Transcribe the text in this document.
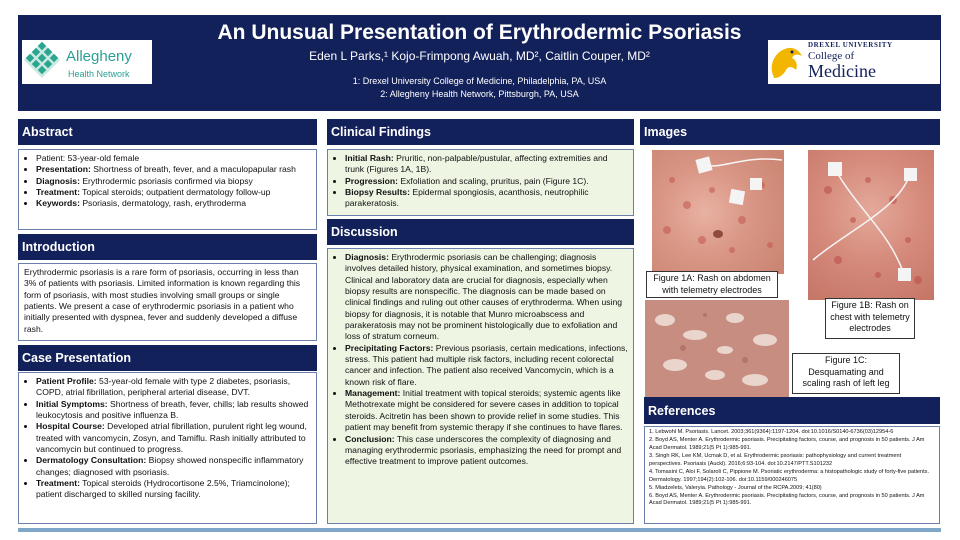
An Unusual Presentation of Erythrodermic Psoriasis
Eden L Parks,¹ Kojo-Frimpong Awuah, MD², Caitlin Couper, MD²
1: Drexel University College of Medicine, Philadelphia, PA, USA
2: Allegheny Health Network, Pittsburgh, PA, USA
Allegheny
Health Network
DREXEL UNIVERSITY
College of
Medicine
Abstract
• Patient: 53-year-old female
• Presentation: Shortness of breath, fever, and a maculopapular rash
• Diagnosis: Erythrodermic psoriasis confirmed via biopsy
• Treatment: Topical steroids; outpatient dermatology follow-up
• Keywords: Psoriasis, dermatology, rash, erythroderma
Introduction
Erythrodermic psoriasis is a rare form of psoriasis, occurring in less than 3% of patients with psoriasis. Limited information is known regarding this form of psoriasis, with most studies involving small groups or single patients. We present a case of erythrodermic psoriasis in a patient who initially presented with dyspnea, fever and suddenly developed a diffuse rash.
Case Presentation
• Patient Profile: 53-year-old female with type 2 diabetes, psoriasis, COPD, atrial fibrillation, peripheral arterial disease, DVT.
• Initial Symptoms: Shortness of breath, fever, chills; lab results showed leukocytosis and positive influenza B.
• Hospital Course: Developed atrial fibrillation, purulent right leg wound, treated with vancomycin, Zosyn, and Tamiflu. Rash initially attributed to vancomycin but continued to progress.
• Dermatology Consultation: Biopsy showed nonspecific inflammatory changes; diagnosed with psoriasis.
• Treatment: Topical steroids (Hydrocortisone 2.5%, Triamcinolone); patient discharged to skilled nursing facility.
Clinical Findings
• Initial Rash: Pruritic, non-palpable/pustular, affecting extremities and trunk (Figures 1A, 1B).
• Progression: Exfoliation and scaling, pruritus, pain (Figure 1C).
• Biopsy Results: Epidermal spongiosis, acanthosis, neutrophilic parakeratosis.
Discussion
• Diagnosis: Erythrodermic psoriasis can be challenging; diagnosis involves detailed history, physical examination, and sometimes biopsy. Clinical and laboratory data are crucial for diagnosis, especially when biopsy results are nonspecific. The diagnosis can be made based on clinical findings and ruling out other causes of erythroderma. When using biopsy for diagnosis, it is notable that Munro microabscess and parakeratosis may not be prominent histologically due to exfoliation and loss of stratum corneum.
• Precipitating Factors: Previous psoriasis, certain medications, infections, stress. This patient had multiple risk factors, including recent colorectal cancer and infection. The patient also received Vancomycin, which is a known risk of flare.
• Management: Initial treatment with topical steroids; systemic agents like Methotrexate might be considered for severe cases in addition to topical steroids. Acitretin has been shown to provide relief in some studies. This patient may benefit from systemic therapy if she continues to have flares.
• Conclusion: This case underscores the complexity of diagnosing and managing erythrodermic psoriasis, emphasizing the need for prompt and effective treatment to improve patient outcomes.
Images
Figure 1A: Rash on abdomen with telemetry electrodes
Figure 1B: Rash on chest with telemetry electrodes
Figure 1C: Desquamating and scaling rash of left leg
References
1. Lebwohl M. Psoriasis. Lancet. 2003;361(9364):1197-1204. doi:10.1016/S0140-6736(03)12954-6
2. Boyd AS, Menter A. Erythrodermic psoriasis. Precipitating factors, course, and prognosis in 50 patients. J Am Acad Dermatol. 1989;21(5 Pt 1):985-991.
3. Singh RK, Lee KM, Ucmak D, et al. Erythrodermic psoriasis: pathophysiology and current treatment perspectives. Psoriasis (Auckl). 2016;6:93-104. doi:10.2147/PTT.S101232
4. Tomasini C, Aloi F, Solaroli C, Pippione M. Psoriatic erythroderma: a histopathologic study of forty-five patients. Dermatology. 1997;194(2):102-106. doi:10.1159/000246075
5. Miadzelets, Valeryia. Pathology - Journal of the RCPA.2009; 41(80)
6. Boyd AS, Menter A. Erythrodermic psoriasis. Precipitating factors, course, and prognosis in 50 patients. J Am Acad Dermatol. 1989;21(5 Pt 1):985-991.
